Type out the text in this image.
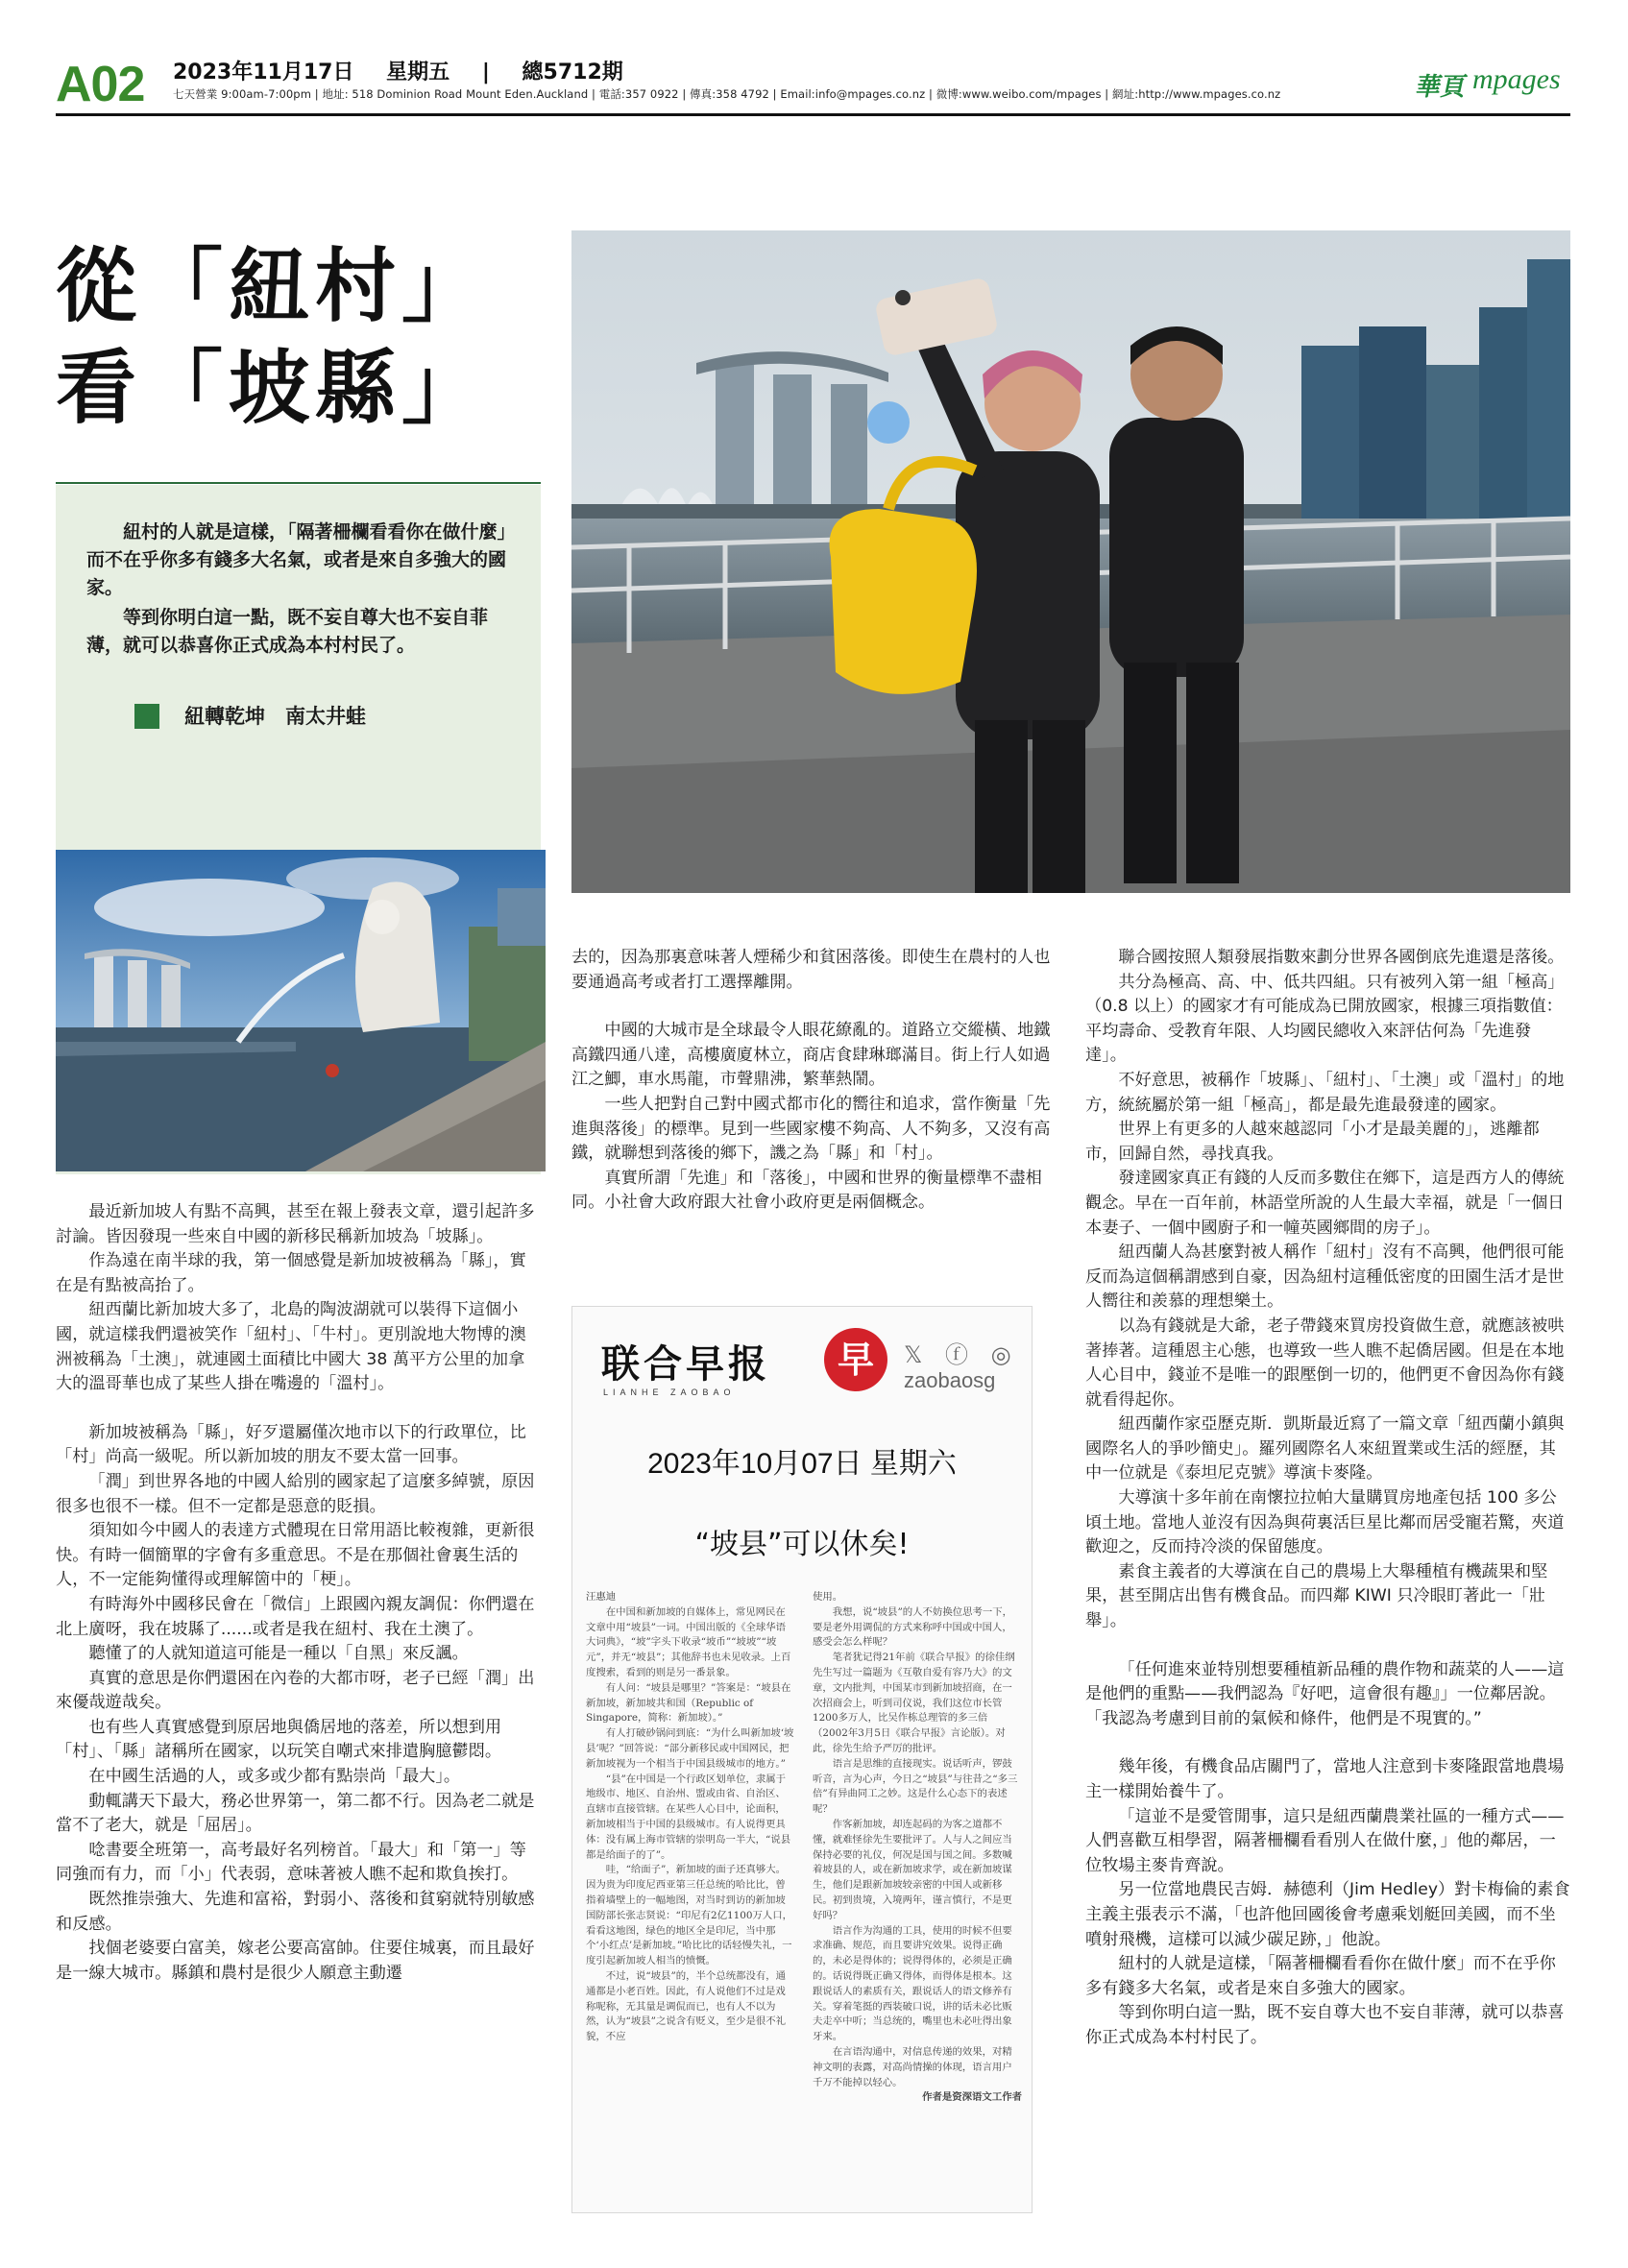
A02 2023年11月17日 星期五 | 總5712期
七天營業 9:00am-7:00pm | 地址: 518 Dominion Road Mount Eden.Auckland | 電話:357 0922 | 傳真:358 4792 | Email:info@mpages.co.nz | 微博:www.weibo.com/mpages | 網址:http://www.mpages.co.nz	華頁 mpages
從「紐村」
看「坡縣」

紐村的人就是這樣，「隔著柵欄看看你在做什麼」而不在乎你多有錢多大名氣，或者是來自多強大的國家。

等到你明白這一點，既不妄自尊大也不妄自菲薄，就可以恭喜你正式成為本村村民了。

紐轉乾坤　南太井蛙

最近新加坡人有點不高興，甚至在報上發表文章，還引起許多討論。皆因發現一些來自中國的新移民稱新加坡為「坡縣」。

作為遠在南半球的我，第一個感覺是新加坡被稱為「縣」，實在是有點被高抬了。

紐西蘭比新加坡大多了，北島的陶波湖就可以裝得下這個小國，就這樣我們還被笑作「紐村」、「牛村」。更別說地大物博的澳洲被稱為「土澳」，就連國土面積比中國大 38 萬平方公里的加拿大的溫哥華也成了某些人掛在嘴邊的「溫村」。

新加坡被稱為「縣」，好歹還屬僅次地市以下的行政單位，比「村」尚高一級呢。所以新加坡的朋友不要太當一回事。

「潤」到世界各地的中國人給別的國家起了這麼多綽號，原因很多也很不一樣。但不一定都是惡意的貶損。

須知如今中國人的表達方式體現在日常用語比較複雜，更新很快。有時一個簡單的字會有多重意思。不是在那個社會裏生活的人，不一定能夠懂得或理解箇中的「梗」。

有時海外中國移民會在「微信」上跟國內親友調侃：你們還在北上廣呀，我在坡縣了......或者是我在紐村、我在土澳了。

聽懂了的人就知道這可能是一種以「自黑」來反諷。

真實的意思是你們還困在內卷的大都市呀，老子已經「潤」出來優哉遊哉矣。

也有些人真實感覺到原居地與僑居地的落差，所以想到用「村」、「縣」諸稱所在國家，以玩笑自嘲式來排遣胸臆鬱悶。

在中國生活過的人，或多或少都有點崇尚「最大」。

動輒講天下最大，務必世界第一，第二都不行。因為老二就是當不了老大，就是「屈居」。

唸書要全班第一，高考最好名列榜首。「最大」和「第一」等同強而有力，而「小」代表弱，意味著被人瞧不起和欺負挨打。

既然推崇強大、先進和富裕，對弱小、落後和貧窮就特別敏感和反感。

找個老婆要白富美，嫁老公要高富帥。住要住城裏，而且最好是一線大城市。縣鎮和農村是很少人願意主動遷

去的，因為那裏意味著人煙稀少和貧困落後。即使生在農村的人也要通過高考或者打工選擇離開。

中國的大城市是全球最令人眼花繚亂的。道路立交縱橫、地鐵高鐵四通八達，高樓廣廈林立，商店食肆琳瑯滿目。街上行人如過江之鯽，車水馬龍，市聲鼎沸，繁華熱鬧。

一些人把對自己對中國式都市化的嚮往和追求，當作衡量「先進與落後」的標準。見到一些國家樓不夠高、人不夠多，又沒有高鐵，就聯想到落後的鄉下，譏之為「縣」和「村」。

真實所謂「先進」和「落後」，中國和世界的衡量標準不盡相同。小社會大政府跟大社會小政府更是兩個概念。

联合早报
LIANHE ZAOBAO
早	𝕏 ⓕ ◎
zaobaosg
2023年10月07日 星期六
“坡县”可以休矣!
汪惠迪

在中国和新加坡的自媒体上，常见网民在文章中用“坡县”一词。中国出版的《全球华语大词典》，“坡”字头下收录“坡币”“坡坡”“坡元”，并无“坡县”；其他辞书也未见收录。上百度搜索，看到的则是另一番景象。

有人问：“坡县是哪里？”答案是：“坡县在新加坡，新加坡共和国（Republic of Singapore，简称：新加坡）。”

有人打破砂锅问到底：“为什么叫新加坡‘坡县’呢？”回答说：“部分新移民或中国网民，把新加坡视为一个相当于中国县级城市的地方。”

“县”在中国是一个行政区划单位，隶属于地级市、地区、自治州、盟或由省、自治区、直辖市直接管辖。在某些人心目中，论面积，新加坡相当于中国的县级城市。有人说得更具体：没有属上海市管辖的崇明岛一半大，“说县都是给面子的了”。

哇，“给面子”，新加坡的面子还真够大。因为贵为印度尼西亚第三任总统的哈比比，曾指着墙壁上的一幅地图，对当时到访的新加坡国防部长张志贤说：“印尼有2亿1100万人口，看看这地图，绿色的地区全是印尼，当中那个‘小红点’是新加坡。”哈比比的话轻慢失礼，一度引起新加坡人相当的愤慨。

不过，说“坡县”的，半个总统都没有，通通都是小老百姓。因此，有人说他们不过是戏称呢称，无其量是调侃而已，也有人不以为然，认为“坡县”之说含有贬义，至少是很不礼貌，不应

使用。

我想，说“坡县”的人不妨换位思考一下，要是老外用调侃的方式来称呼中国或中国人，感受会怎么样呢？

笔者犹记得21年前《联合早报》的徐佳纲先生写过一篇题为《互敬自爱有容乃大》的文章，文内批判，中国某市到新加坡招商，在一次招商会上，听到司仪说，我们这位市长管1200多万人，比吴作栋总理管的多三倍（2002年3月5日《联合早报》言论版）。对此，徐先生给予严厉的批评。

语言是思维的直接现实。说话听声，锣鼓听音，言为心声，今日之“坡县”与往昔之“多三倍”有异曲同工之妙。这是什么心态下的表述呢？

作客新加坡，却连起码的为客之道都不懂，就难怪徐先生要批评了。人与人之间应当保持必要的礼仪，何况是国与国之间。多数喊着坡县的人，或在新加坡求学，或在新加坡谋生，他们是跟新加坡较亲密的中国人或新移民。初到贵境，入境两年，谨言慎行，不是更好吗？

语言作为沟通的工具，使用的时候不但要求准确、规范，而且要讲究效果。说得正确的，未必是得体的；说得得体的，必须是正确的。话说得既正确又得体，而得体是根本。这跟说话人的素质有关，跟说话人的语文修养有关。穿着笔挺的西装破口说，讲的话未必比贩夫走卒中听；当总统的，嘴里也未必吐得出象牙来。

在言语沟通中，对信息传递的效果，对精神文明的表露，对高尚情操的体现，语言用户千万不能掉以轻心。

作者是资深语文工作者

聯合國按照人類發展指數來劃分世界各國倒底先進還是落後。

共分為極高、高、中、低共四組。只有被列入第一組「極高」（0.8 以上）的國家才有可能成為已開放國家，根據三項指數值：平均壽命、受教育年限、人均國民總收入來評估何為「先進發達」。

不好意思，被稱作「坡縣」、「紐村」、「土澳」或「溫村」的地方，統統屬於第一組「極高」，都是最先進最發達的國家。

世界上有更多的人越來越認同「小才是最美麗的」，逃離都市，回歸自然，尋找真我。

發達國家真正有錢的人反而多數住在鄉下，這是西方人的傳統觀念。早在一百年前，林語堂所說的人生最大幸福，就是「一個日本妻子、一個中國廚子和一幢英國鄉間的房子」。

紐西蘭人為甚麼對被人稱作「紐村」沒有不高興，他們很可能反而為這個稱謂感到自豪，因為紐村這種低密度的田園生活才是世人嚮往和羨慕的理想樂土。

以為有錢就是大爺，老子帶錢來買房投資做生意，就應該被哄著捧著。這種恩主心態，也導致一些人瞧不起僑居國。但是在本地人心目中，錢並不是唯一的跟壓倒一切的，他們更不會因為你有錢就看得起你。

紐西蘭作家亞歷克斯．凱斯最近寫了一篇文章「紐西蘭小鎮與國際名人的爭吵簡史」。羅列國際名人來紐置業或生活的經歷，其中一位就是《泰坦尼克號》導演卡麥隆。

大導演十多年前在南懷拉拉帕大量購買房地產包括 100 多公頃土地。當地人並沒有因為與荷裏活巨星比鄰而居受寵若驚，夾道歡迎之，反而持冷淡的保留態度。

素食主義者的大導演在自己的農場上大舉種植有機蔬果和堅果，甚至開店出售有機食品。而四鄰 KIWI 只冷眼盯著此一「壯舉」。

「任何進來並特別想要種植新品種的農作物和蔬菜的人——這是他們的重點——我們認為『好吧，這會很有趣』」一位鄰居說。「我認為考慮到目前的氣候和條件，他們是不現實的。”

幾年後，有機食品店關門了，當地人注意到卡麥隆跟當地農場主一樣開始養牛了。

「這並不是愛管閒事，這只是紐西蘭農業社區的一種方式——人們喜歡互相學習，隔著柵欄看看別人在做什麼，」他的鄰居，一位牧場主麥肯齊說。

另一位當地農民吉姆．赫德利（Jim Hedley）對卡梅倫的素食主義主張表示不滿，「也許他回國後會考慮乘划艇回美國，而不坐噴射飛機，這樣可以減少碳足跡，」他說。

紐村的人就是這樣，「隔著柵欄看看你在做什麼」而不在乎你多有錢多大名氣，或者是來自多強大的國家。

等到你明白這一點，既不妄自尊大也不妄自菲薄，就可以恭喜你正式成為本村村民了。
